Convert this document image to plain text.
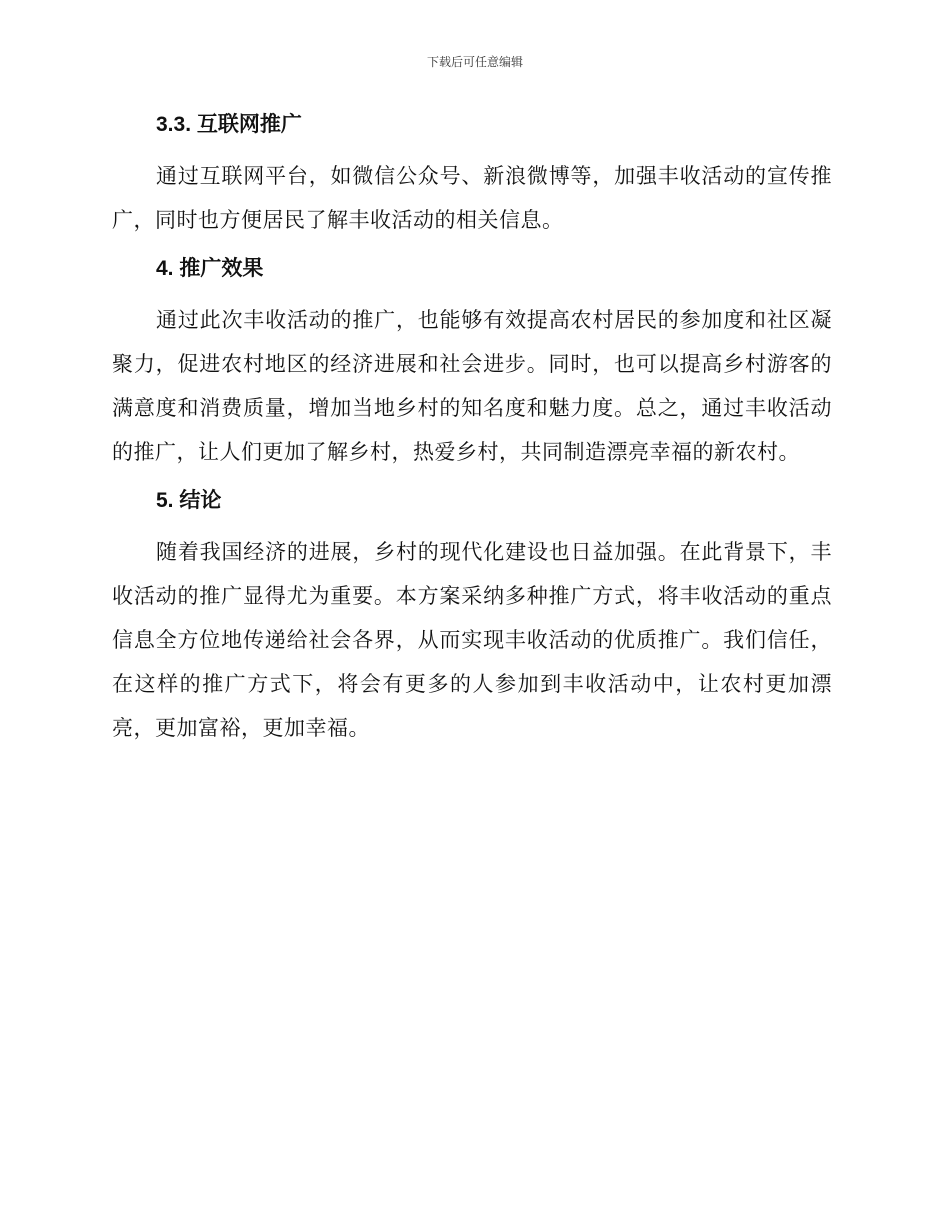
下载后可任意编辑
3.3. 互联网推广

通过互联网平台，如微信公众号、新浪微博等，加强丰收活动的宣传推广，同时也方便居民了解丰收活动的相关信息。

4. 推广效果

通过此次丰收活动的推广，也能够有效提高农村居民的参加度和社区凝聚力，促进农村地区的经济进展和社会进步。同时，也可以提高乡村游客的满意度和消费质量，增加当地乡村的知名度和魅力度。总之，通过丰收活动的推广，让人们更加了解乡村，热爱乡村，共同制造漂亮幸福的新农村。

5. 结论

随着我国经济的进展，乡村的现代化建设也日益加强。在此背景下，丰收活动的推广显得尤为重要。本方案采纳多种推广方式，将丰收活动的重点信息全方位地传递给社会各界，从而实现丰收活动的优质推广。我们信任，在这样的推广方式下，将会有更多的人参加到丰收活动中，让农村更加漂亮，更加富裕，更加幸福。
